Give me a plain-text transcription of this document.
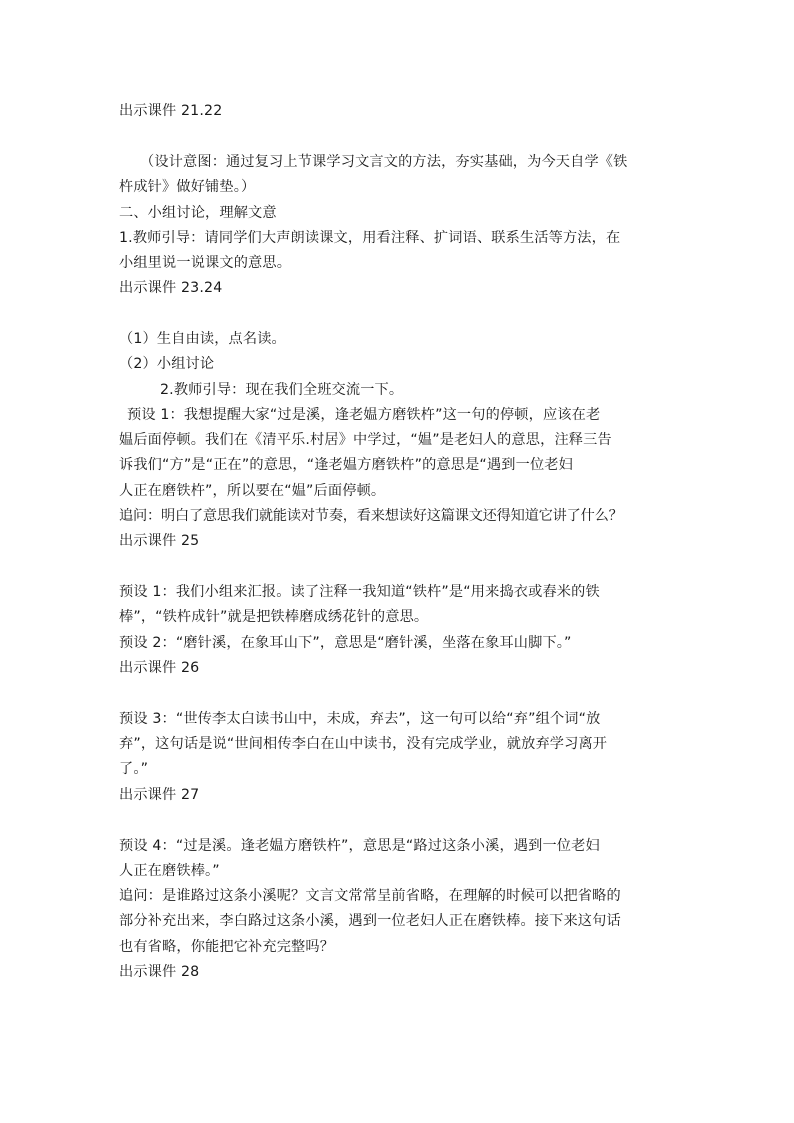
出示课件 21.22
（设计意图：通过复习上节课学习文言文的方法，夯实基础，为今天自学《铁
杵成针》做好铺垫。）
二、小组讨论，理解文意
1.教师引导：请同学们大声朗读课文，用看注释、扩词语、联系生活等方法，在
小组里说一说课文的意思。
出示课件 23.24
（1）生自由读，点名读。
（2）小组讨论
2.教师引导：现在我们全班交流一下。
预设 1：我想提醒大家“过是溪，逢老媪方磨铁杵”这一句的停顿，应该在老
媪后面停顿。我们在《清平乐.村居》中学过，“媪”是老妇人的意思，注释三告
诉我们“方”是“正在”的意思，“逢老媪方磨铁杵”的意思是“遇到一位老妇
人正在磨铁杵”，所以要在“媪”后面停顿。
追问：明白了意思我们就能读对节奏，看来想读好这篇课文还得知道它讲了什么？
出示课件 25
预设 1：我们小组来汇报。读了注释一我知道“铁杵”是“用来捣衣或舂米的铁
棒”，“铁杵成针”就是把铁棒磨成绣花针的意思。
预设 2：“磨针溪，在象耳山下”，意思是“磨针溪，坐落在象耳山脚下。”
出示课件 26
预设 3：“世传李太白读书山中，未成，弃去”，这一句可以给“弃”组个词“放
弃”，这句话是说“世间相传李白在山中读书，没有完成学业，就放弃学习离开
了。”
出示课件 27
预设 4：“过是溪。逢老媪方磨铁杵”，意思是“路过这条小溪，遇到一位老妇
人正在磨铁棒。”
追问：是谁路过这条小溪呢？文言文常常呈前省略，在理解的时候可以把省略的
部分补充出来，李白路过这条小溪，遇到一位老妇人正在磨铁棒。接下来这句话
也有省略，你能把它补充完整吗？
出示课件 28
